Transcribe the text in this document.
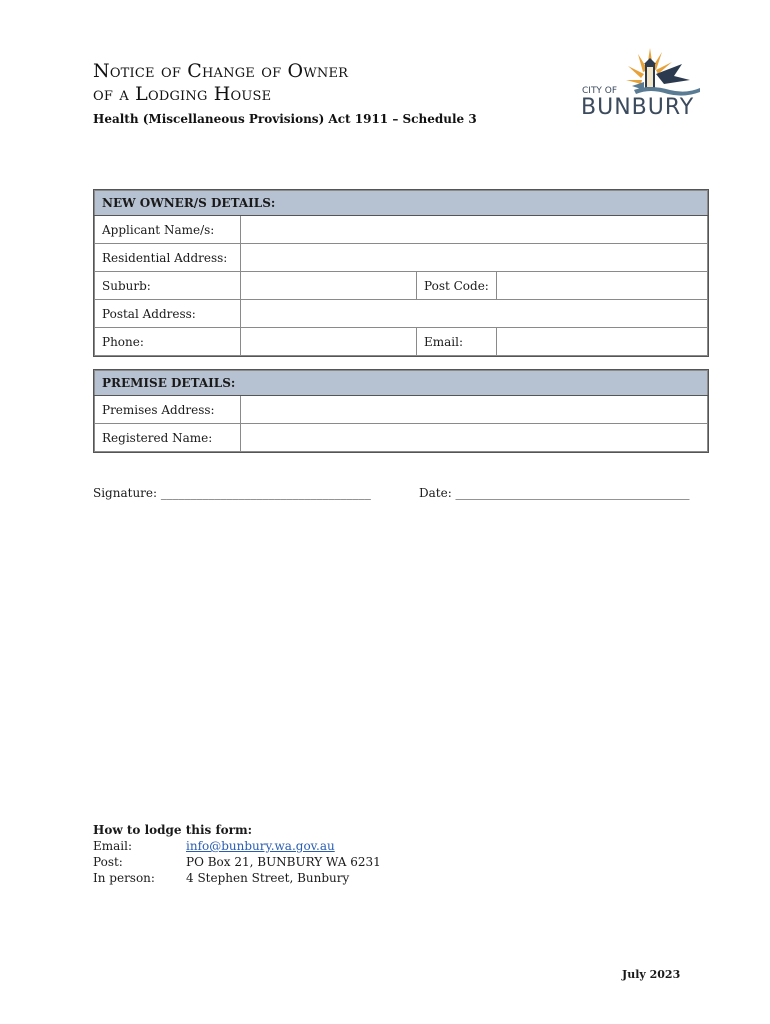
Notice of Change of Owner
of a Lodging House
Health (Miscellaneous Provisions) Act 1911 – Schedule 3
CITY OF
BUNBURY
NEW OWNER/S DETAILS:			
Applicant Name/s:			
Residential Address:			
Suburb:		Post Code:	
Postal Address:			
Phone:		Email:	
PREMISE DETAILS:	
Premises Address:	
Registered Name:	
Signature: ___________________________________	Date: _______________________________________
How to lodge this form:
Email:	info@bunbury.wa.gov.au
Post:	PO Box 21, BUNBURY WA 6231
In person:	4 Stephen Street, Bunbury
July 2023
